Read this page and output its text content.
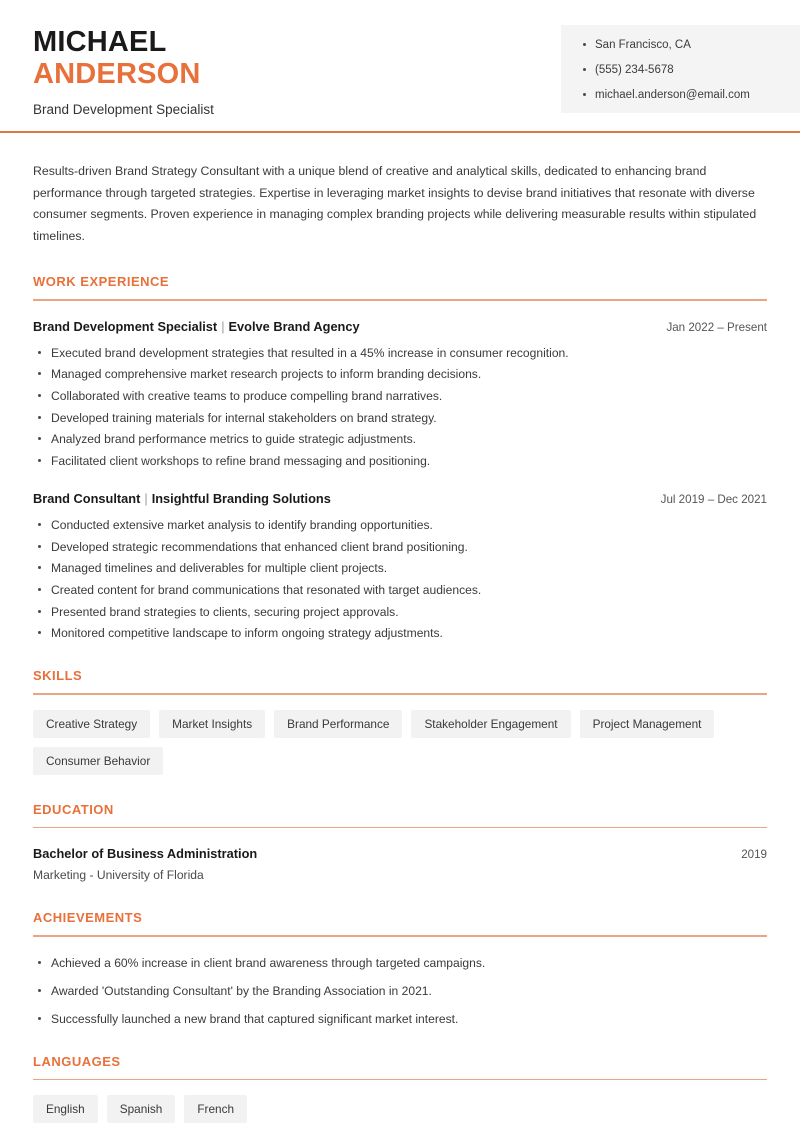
MICHAEL
ANDERSON
Brand Development Specialist
San Francisco, CA
(555) 234-5678
michael.anderson@email.com
Results-driven Brand Strategy Consultant with a unique blend of creative and analytical skills, dedicated to enhancing brand performance through targeted strategies. Expertise in leveraging market insights to devise brand initiatives that resonate with diverse consumer segments. Proven experience in managing complex branding projects while delivering measurable results within stipulated timelines.
WORK EXPERIENCE
Brand Development Specialist | Evolve Brand Agency	Jan 2022 – Present
Executed brand development strategies that resulted in a 45% increase in consumer recognition.
Managed comprehensive market research projects to inform branding decisions.
Collaborated with creative teams to produce compelling brand narratives.
Developed training materials for internal stakeholders on brand strategy.
Analyzed brand performance metrics to guide strategic adjustments.
Facilitated client workshops to refine brand messaging and positioning.
Brand Consultant | Insightful Branding Solutions	Jul 2019 – Dec 2021
Conducted extensive market analysis to identify branding opportunities.
Developed strategic recommendations that enhanced client brand positioning.
Managed timelines and deliverables for multiple client projects.
Created content for brand communications that resonated with target audiences.
Presented brand strategies to clients, securing project approvals.
Monitored competitive landscape to inform ongoing strategy adjustments.
SKILLS
Creative Strategy	Market Insights	Brand Performance	Stakeholder Engagement	Project Management
Consumer Behavior
EDUCATION
Bachelor of Business Administration	2019
Marketing - University of Florida
ACHIEVEMENTS
Achieved a 60% increase in client brand awareness through targeted campaigns.
Awarded 'Outstanding Consultant' by the Branding Association in 2021.
Successfully launched a new brand that captured significant market interest.
LANGUAGES
English	Spanish	French
